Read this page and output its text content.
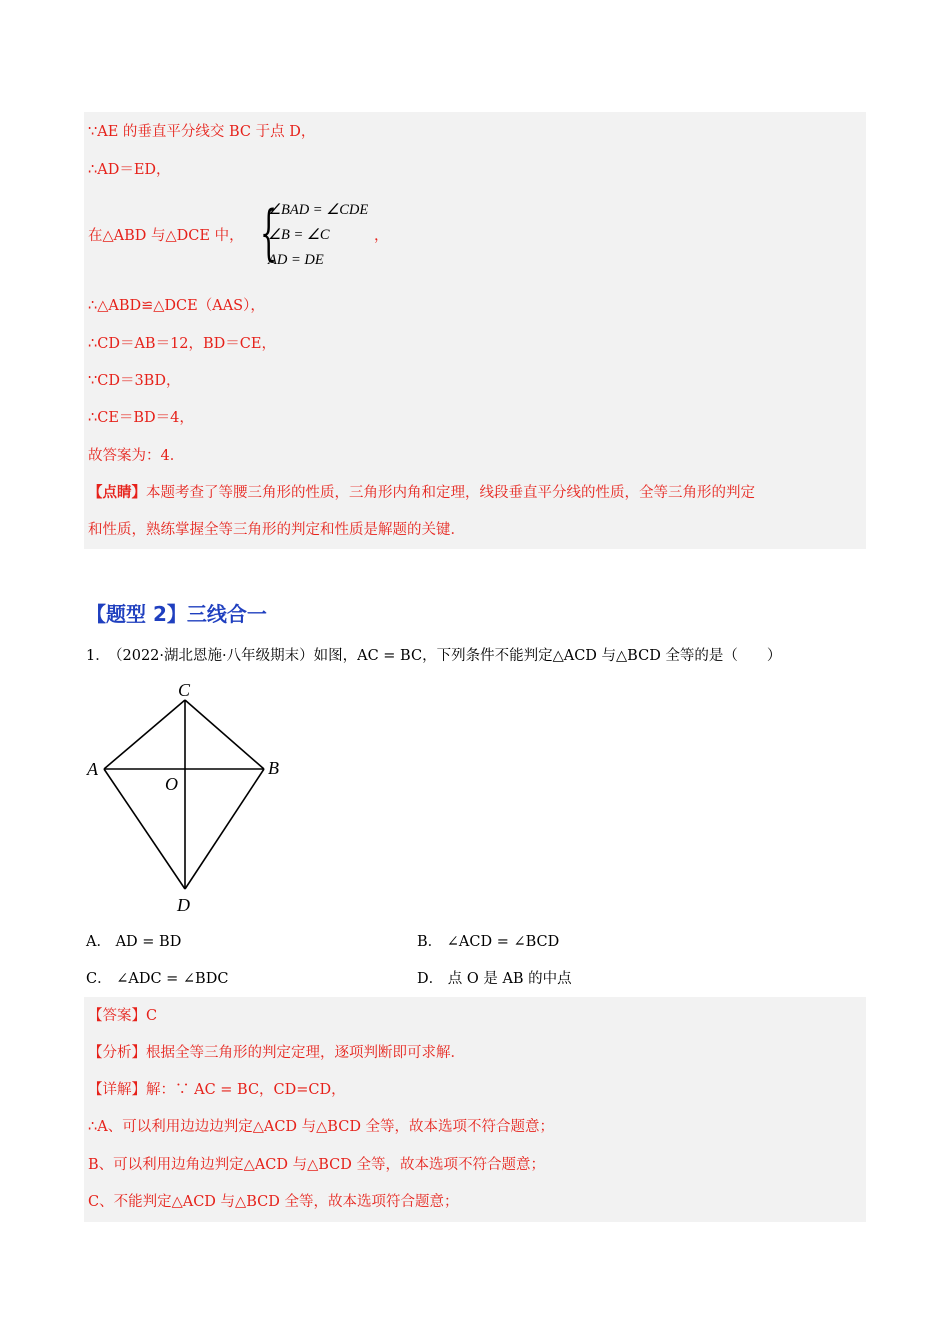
∵AE 的垂直平分线交 BC 于点 D，
∴AD＝ED，
在△ABD 与△DCE 中， {
∠BAD = ∠CDE
∠B = ∠C
AD = DE
，
∴△ABD≌△DCE（AAS），
∴CD＝AB＝12，BD＝CE，
∵CD＝3BD，
∴CE＝BD＝4，
故答案为：4．
【点睛】本题考查了等腰三角形的性质，三角形内角和定理，线段垂直平分线的性质，全等三角形的判定
和性质，熟练掌握全等三角形的判定和性质是解题的关键．
【题型 2】三线合一
1．
（2022·湖北恩施·八年级期末）如图，AC = BC，下列条件不能判定△ACD 与△BCD 全等的是（　　）
C
A	B
O
D
A． AD = BD	B． ∠ACD = ∠BCD
C． ∠ADC = ∠BDC	D． 点 O 是 AB 的中点
【答案】C
【分析】根据全等三角形的判定定理，逐项判断即可求解．
【详解】解：∵ AC = BC，CD=CD，
∴A、可以利用边边边判定△ACD 与△BCD 全等，故本选项不符合题意；
B、可以利用边角边判定△ACD 与△BCD 全等，故本选项不符合题意；
C、不能判定△ACD 与△BCD 全等，故本选项符合题意；
